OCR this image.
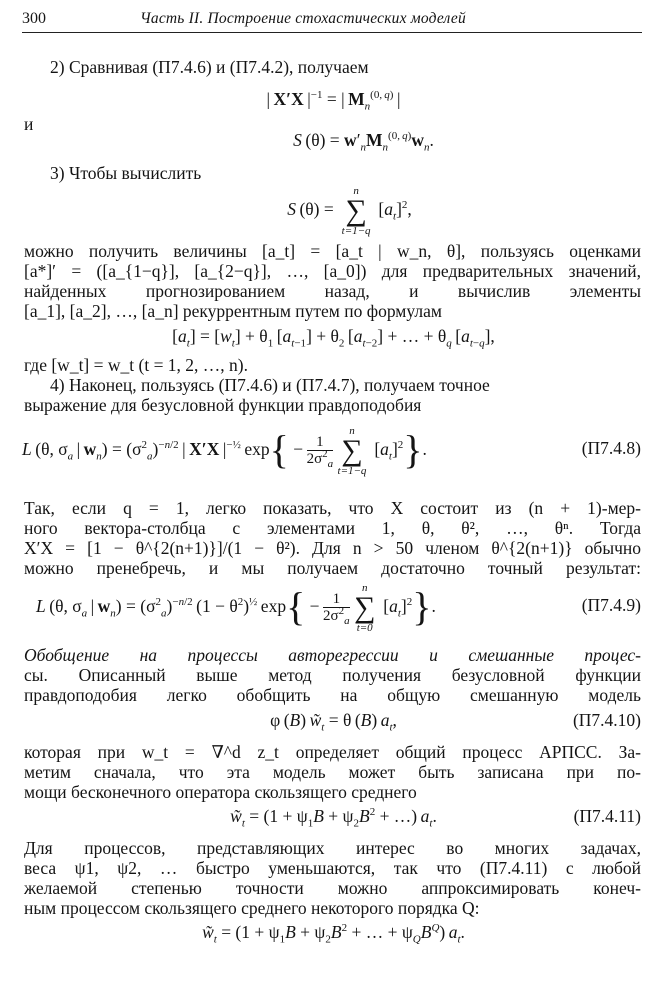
300	Часть II. Построение стохастических моделей
2) Сравнивая (П7.4.6) и (П7.4.2), получаем
| X′X $|^{-1}$ = | $M_n^{(0, q)}$ |
и
S $(\theta) = w'_nM_n^{(0, q)}w_n$.
3) Чтобы вычислить
S (θ) = 
n
∑
t=1−q
 $[a_t]^2$,
можно получить величины [a_t] = [a_t | w_n, θ], пользуясь оценками
[a*]′ = ([a_{1−q}], [a_{2−q}], …, [a_0]) для предварительных значений,
найденных прогнозированием назад, и вычислив элементы
[a_1], [a_2], …, [a_n] рекуррентным путем по формулам
$[a_t] = [w_t] + \theta_1$ $[a_{t-1}] + \theta_2$ $[a_{t-2}]$ + … + $\theta_q$ $[a_{t-q}]$,
где [w_t] = w_t (t = 1, 2, …, n).
4) Наконец, пользуясь (П7.4.6) и (П7.4.7), получаем точное
выражение для безусловной функции правдоподобия
L (θ, $\sigma_a$ | $w_n) = (\sigma^2_a)^{-n/2}$ | X′X $|^{-\frac{1}{2}}$ $\exp\{ - \frac{1}{2\sigma^2_a}$

n
∑
t=1−q
 $[a_t]^2$}.	(П7.4.8)
Так, если q = 1, легко показать, что X состоит из (n + 1)-мер-
ного вектора-столбца с элементами 1, θ, θ², …, θⁿ. Тогда
X′X = [1 − θ^{2(n+1)}]/(1 − θ²). Для n > 50 членом θ^{2(n+1)} обычно
можно пренебречь, и мы получаем достаточно точный результат:
L (θ, $\sigma_a$ | $w_n) = (\sigma^2_a)^{-n/2}$ $(1 - \theta^2)^{\frac{1}{2}}$ $\exp\{ - \frac{1}{2\sigma^2_a}$

n
∑
t=0
 $[a_t]^2$}.	(П7.4.9)
Обобщение на процессы авторегрессии и смешанные процес-
сы. Описанный выше метод получения безусловной функции
правдоподобия легко обобщить на общую смешанную модель
φ (B) $w̃_t = \theta$ (B) $a_t$,	(П7.4.10)
которая при w_t = ∇^d z_t определяет общий процесс АРПСС. За-
метим сначала, что эта модель может быть записана при по-
мощи бесконечного оператора скользящего среднего
$w̃_t = (1 + \psi_1B + \psi_2B^2$ + …) $a_t$.	(П7.4.11)
Для процессов, представляющих интерес во многих задачах,
веса ψ1, ψ2, … быстро уменьшаются, так что (П7.4.11) с любой
желаемой степенью точности можно аппроксимировать конеч-
ным процессом скользящего среднего некоторого порядка Q:
$w̃_t = (1 + \psi_1B + \psi_2B^2$ + … + $\psi_QB^Q$) $a_t$.
